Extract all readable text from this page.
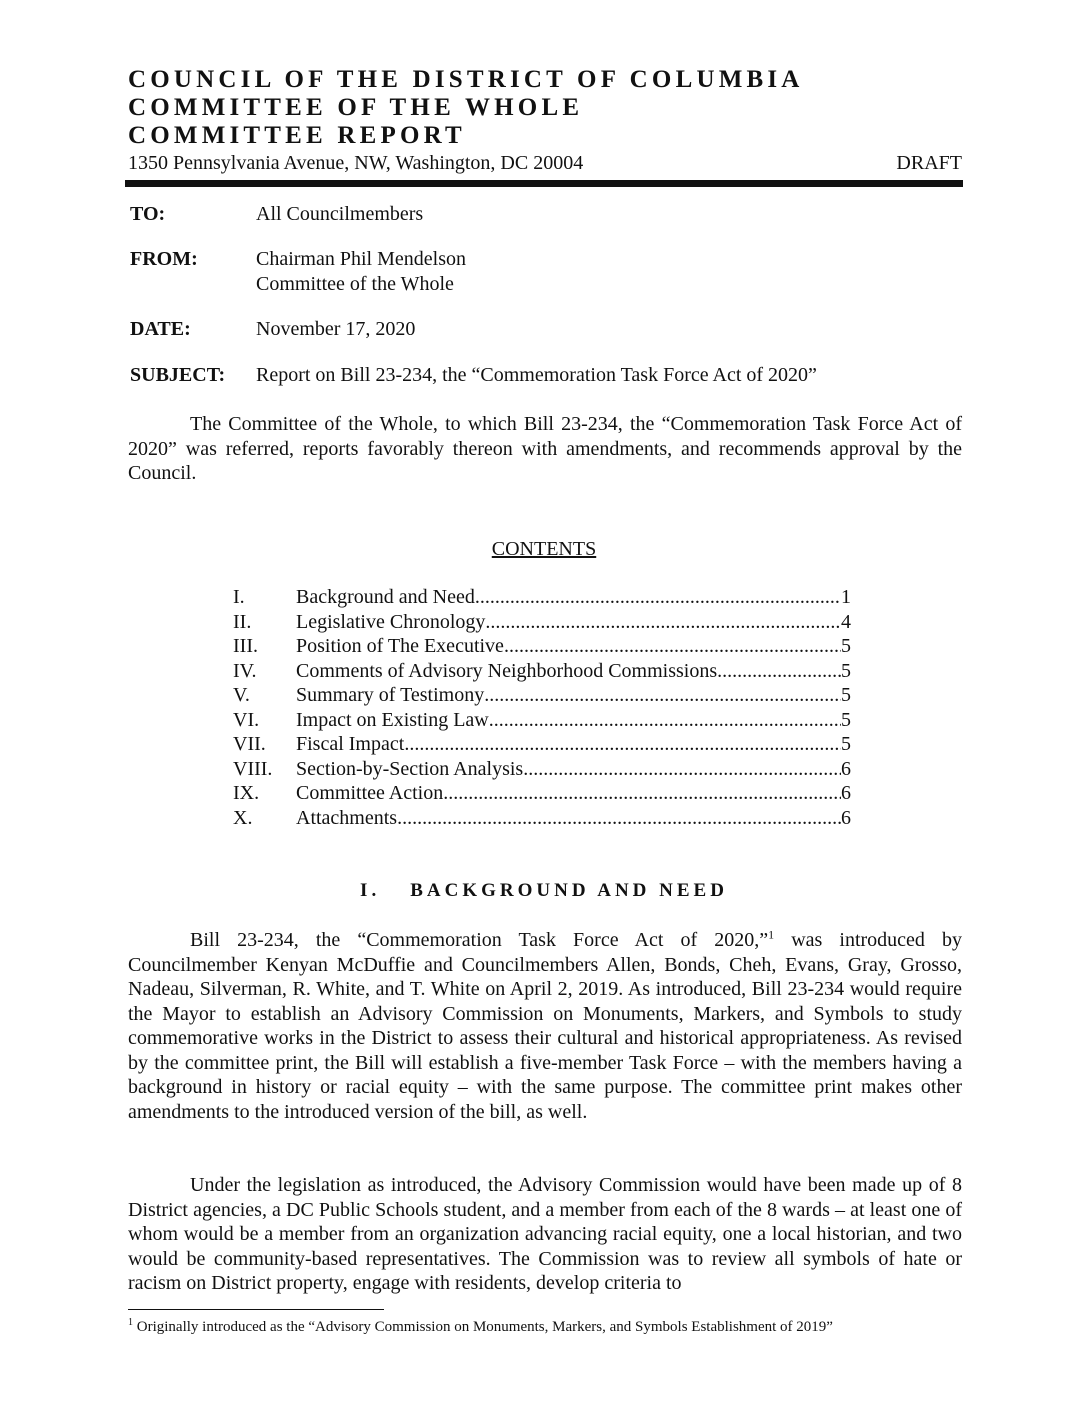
COUNCIL OF THE DISTRICT OF COLUMBIA
COMMITTEE OF THE WHOLE
COMMITTEE REPORT
1350 Pennsylvania Avenue, NW, Washington, DC 20004	DRAFT
TO:	All Councilmembers
FROM:	Chairman Phil Mendelson
Committee of the Whole
DATE:	November 17, 2020
SUBJECT: Report on Bill 23-234, the “Commemoration Task Force Act of 2020”

The Committee of the Whole, to which Bill 23-234, the “Commemoration Task Force Act of 2020” was referred, reports favorably thereon with amendments, and recommends approval by the Council.

CONTENTS
I.	Background and Need .....	1
II.	Legislative Chronology .....	4
III.	Position of The Executive .....	5
IV.	Comments of Advisory Neighborhood Commissions .....	5
V.	Summary of Testimony .....	5
VI.	Impact on Existing Law .....	5
VII.	Fiscal Impact .....	5
VIII.	Section-by-Section Analysis .....	6
IX.	Committee Action .....	6
X.	Attachments .....	6
I. BACKGROUND AND NEED

Bill 23-234, the “Commemoration Task Force Act of 2020,”$^1$ was introduced by Councilmember Kenyan McDuffie and Councilmembers Allen, Bonds, Cheh, Evans, Gray, Grosso, Nadeau, Silverman, R. White, and T. White on April 2, 2019. As introduced, Bill 23-234 would require the Mayor to establish an Advisory Commission on Monuments, Markers, and Symbols to study commemorative works in the District to assess their cultural and historical appropriateness. As revised by the committee print, the Bill will establish a five-member Task Force – with the members having a background in history or racial equity – with the same purpose. The committee print makes other amendments to the introduced version of the bill, as well.

Under the legislation as introduced, the Advisory Commission would have been made up of 8 District agencies, a DC Public Schools student, and a member from each of the 8 wards – at least one of whom would be a member from an organization advancing racial equity, one a local historian, and two would be community-based representatives. The Commission was to review all symbols of hate or racism on District property, engage with residents, develop criteria to

$^1$ Originally introduced as the “Advisory Commission on Monuments, Markers, and Symbols Establishment of 2019”
